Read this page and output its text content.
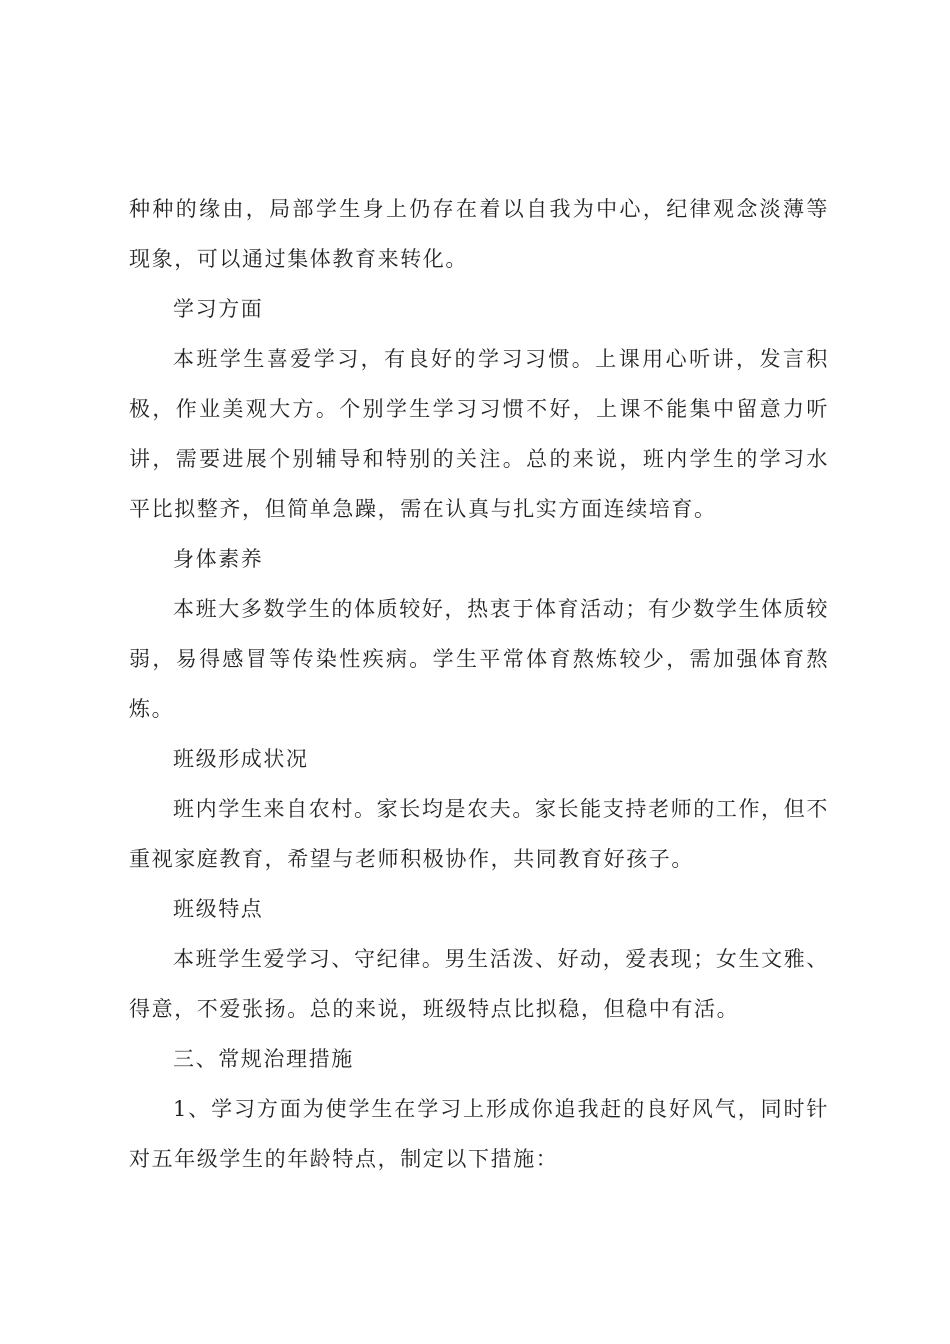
种种的缘由，局部学生身上仍存在着以自我为中心，纪律观念淡薄等现象，可以通过集体教育来转化。

学习方面

本班学生喜爱学习，有良好的学习习惯。上课用心听讲，发言积极，作业美观大方。个别学生学习习惯不好，上课不能集中留意力听讲，需要进展个别辅导和特别的关注。总的来说，班内学生的学习水平比拟整齐，但简单急躁，需在认真与扎实方面连续培育。

身体素养

本班大多数学生的体质较好，热衷于体育活动；有少数学生体质较弱，易得感冒等传染性疾病。学生平常体育熬炼较少，需加强体育熬炼。

班级形成状况

班内学生来自农村。家长均是农夫。家长能支持老师的工作，但不重视家庭教育，希望与老师积极协作，共同教育好孩子。

班级特点

本班学生爱学习、守纪律。男生活泼、好动，爱表现；女生文雅、得意，不爱张扬。总的来说，班级特点比拟稳，但稳中有活。

三、常规治理措施

1、学习方面为使学生在学习上形成你追我赶的良好风气，同时针对五年级学生的年龄特点，制定以下措施：
